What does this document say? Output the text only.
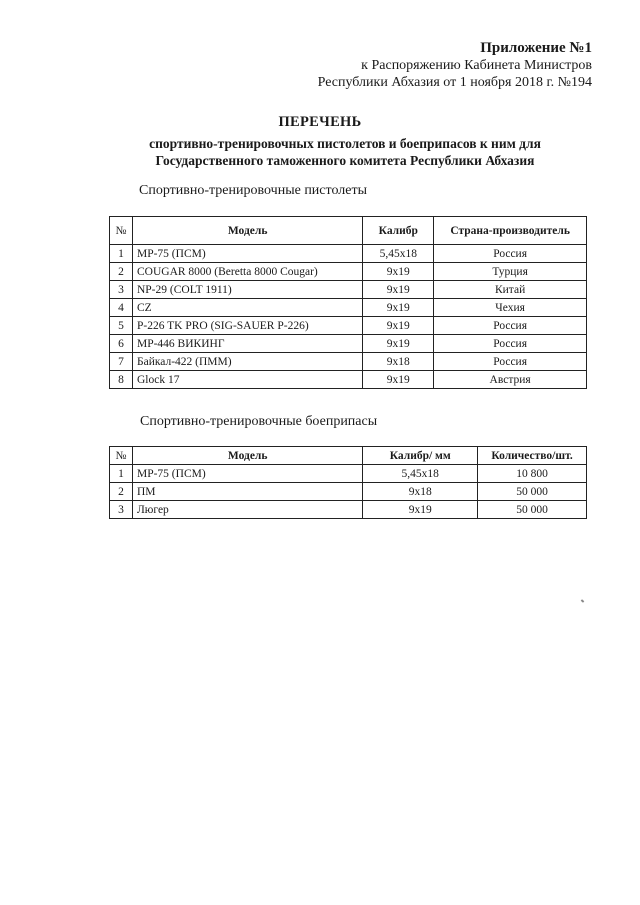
Приложение №1
к Распоряжению Кабинета Министров
Республики Абхазия от 1 ноября 2018 г. №194
ПЕРЕЧЕНЬ
спортивно-тренировочных пистолетов и боеприпасов к ним для
Государственного таможенного комитета Республики Абхазия
Спортивно-тренировочные пистолеты
№	Модель	Калибр	Страна-производитель
1	МР-75 (ПСМ)	5,45x18	Россия
2	COUGAR 8000 (Beretta 8000 Cougar)	9x19	Турция
3	NP-29 (COLT 1911)	9x19	Китай
4	CZ	9x19	Чехия
5	P-226 TK PRO (SIG-SAUER P-226)	9x19	Россия
6	МР-446 ВИКИНГ	9x19	Россия
7	Байкал-422 (ПММ)	9x18	Россия
8	Glock 17	9x19	Австрия
Спортивно-тренировочные боеприпасы
№	Модель	Калибр/ мм	Количество/шт.
1	МР-75 (ПСМ)	5,45x18	10 800
2	ПМ	9x18	50 000
3	Люгер	9x19	50 000
